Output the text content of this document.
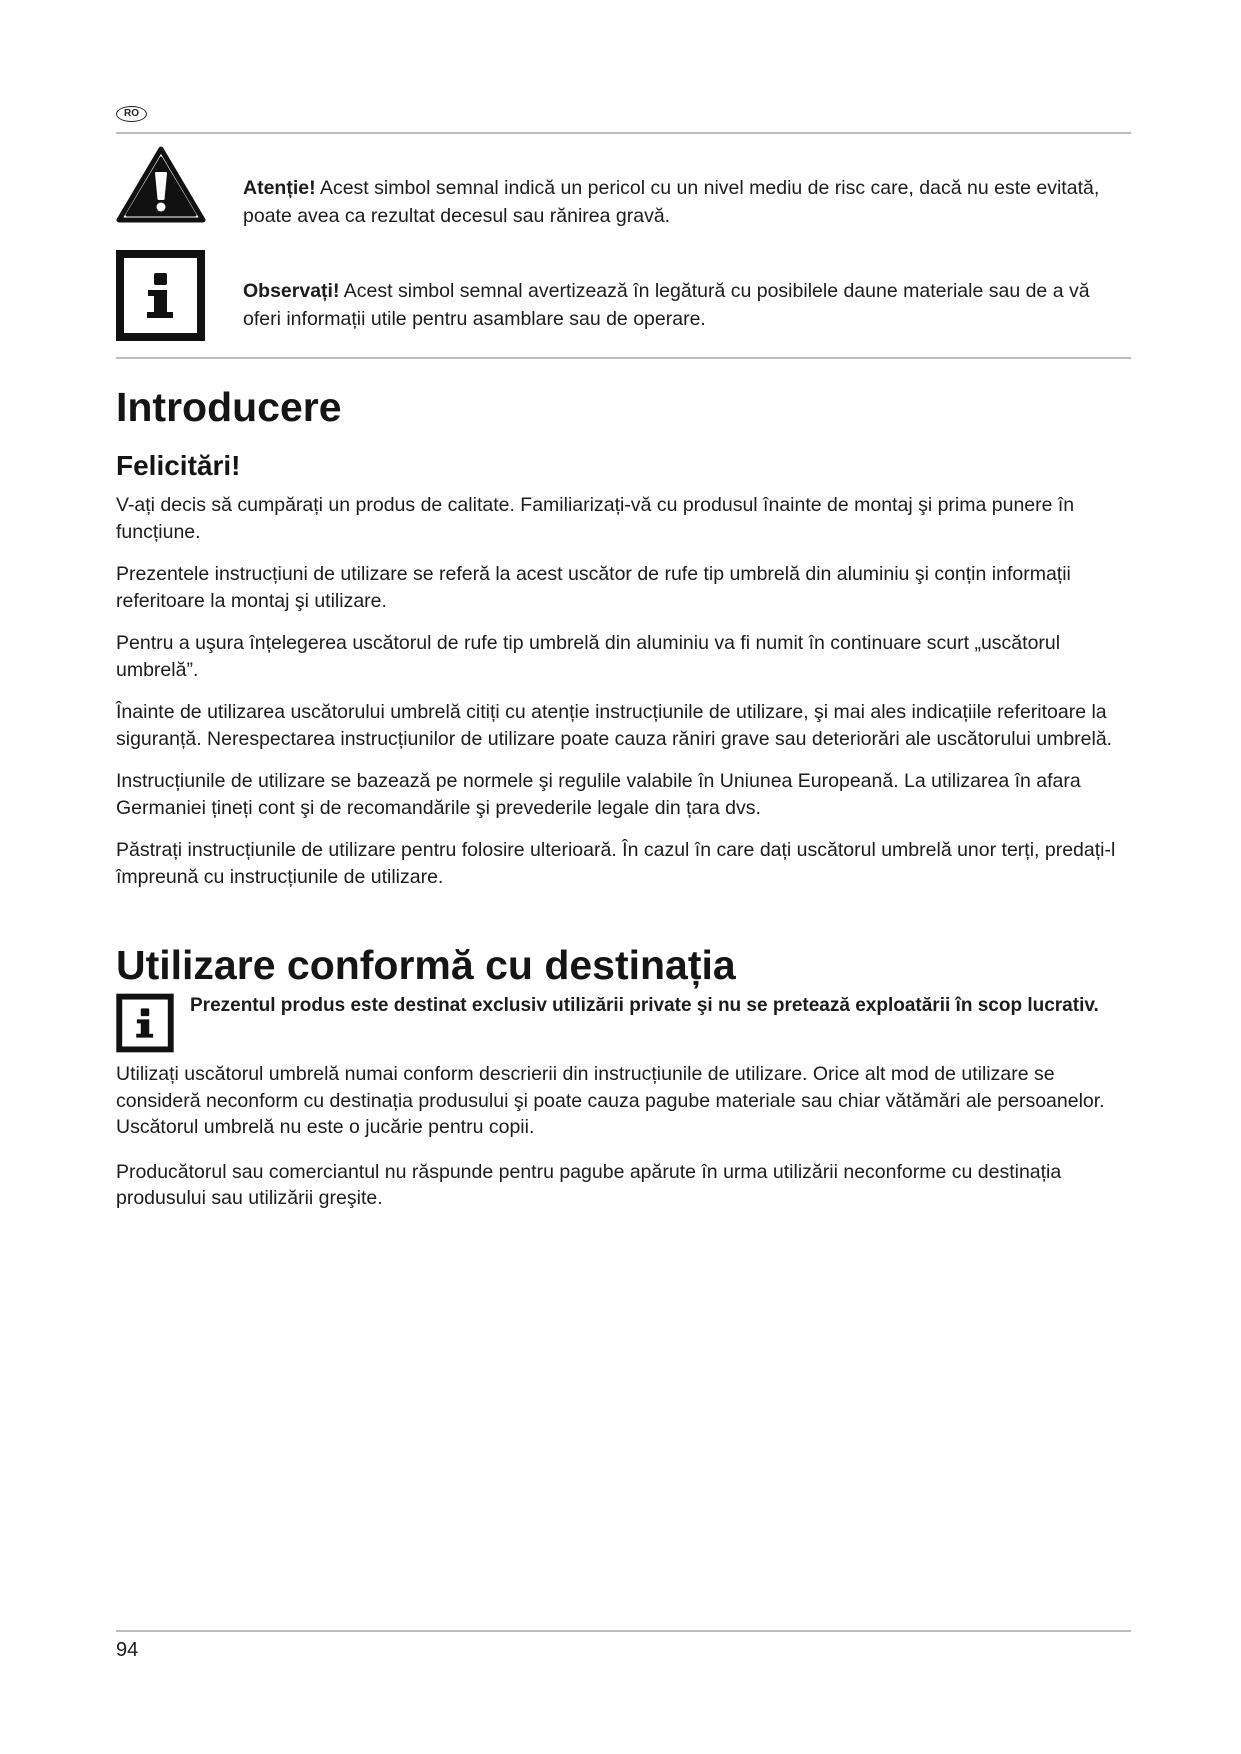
RO

Atenție! Acest simbol semnal indică un pericol cu un nivel mediu de risc care, dacă nu este evitată, poate avea ca rezultat decesul sau rănirea gravă.

Observați! Acest simbol semnal avertizează în legătură cu posibilele daune materiale sau de a vă oferi informații utile pentru asamblare sau de operare.

Introducere
Felicitări!

V-ați decis să cumpărați un produs de calitate. Familiarizați-vă cu produsul înainte de montaj şi prima punere în funcțiune.

Prezentele instrucțiuni de utilizare se referă la acest uscător de rufe tip umbrelă din aluminiu şi conțin informații referitoare la montaj şi utilizare.

Pentru a uşura înțelegerea uscătorul de rufe tip umbrelă din aluminiu va fi numit în continuare scurt „uscătorul umbrelă”.

Înainte de utilizarea uscătorului umbrelă citiți cu atenție instrucțiunile de utilizare, şi mai ales indicațiile referitoare la siguranță. Nerespectarea instrucțiunilor de utilizare poate cauza răniri grave sau deteriorări ale uscătorului umbrelă.

Instrucțiunile de utilizare se bazează pe normele şi regulile valabile în Uniunea Europeană. La utilizarea în afara Germaniei țineți cont şi de recomandările şi prevederile legale din țara dvs.

Păstrați instrucțiunile de utilizare pentru folosire ulterioară. În cazul în care dați uscătorul umbrelă unor terți, predați-l împreună cu instrucțiunile de utilizare.

Utilizare conformă cu destinația

Prezentul produs este destinat exclusiv utilizării private şi nu se pretează exploatării în scop lucrativ.

Utilizați uscătorul umbrelă numai conform descrierii din instrucțiunile de utilizare. Orice alt mod de utilizare se consideră neconform cu destinația produsului şi poate cauza pagube materiale sau chiar vătămări ale persoanelor. Uscătorul umbrelă nu este o jucărie pentru copii.

Producătorul sau comerciantul nu răspunde pentru pagube apărute în urma utilizării neconforme cu destinația produsului sau utilizării greşite.

94
